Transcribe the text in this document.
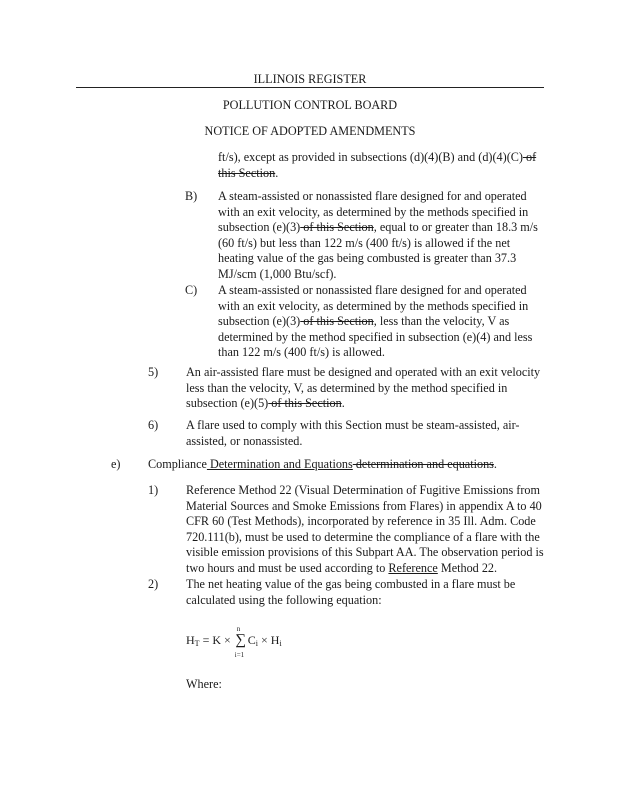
ILLINOIS REGISTER
POLLUTION CONTROL BOARD
NOTICE OF ADOPTED AMENDMENTS
ft/s), except as provided in subsections (d)(4)(B) and (d)(4)(C) of
this Section.
B) A steam-assisted or nonassisted flare designed for and operated
with an exit velocity, as determined by the methods specified in
subsection (e)(3) of this Section, equal to or greater than 18.3 m/s
(60 ft/s) but less than 122 m/s (400 ft/s) is allowed if the net
heating value of the gas being combusted is greater than 37.3
MJ/scm (1,000 Btu/scf).
C) A steam-assisted or nonassisted flare designed for and operated
with an exit velocity, as determined by the methods specified in
subsection (e)(3) of this Section, less than the velocity, V as
determined by the method specified in subsection (e)(4) and less
than 122 m/s (400 ft/s) is allowed.
5) An air-assisted flare must be designed and operated with an exit velocity
less than the velocity, V, as determined by the method specified in
subsection (e)(5) of this Section.
6) A flare used to comply with this Section must be steam-assisted, air-
assisted, or nonassisted.
e) Compliance Determination and Equations determination and equations.
1) Reference Method 22 (Visual Determination of Fugitive Emissions from
Material Sources and Smoke Emissions from Flares) in appendix A to 40
CFR 60 (Test Methods), incorporated by reference in 35 Ill. Adm. Code
720.111(b), must be used to determine the compliance of a flare with the
visible emission provisions of this Subpart AA. The observation period is
two hours and must be used according to Reference Method 22.
2) The net heating value of the gas being combusted in a flare must be
calculated using the following equation:
$H_T = K$ ×
n
∑
i=1
$C_i \times H_i$
Where:
